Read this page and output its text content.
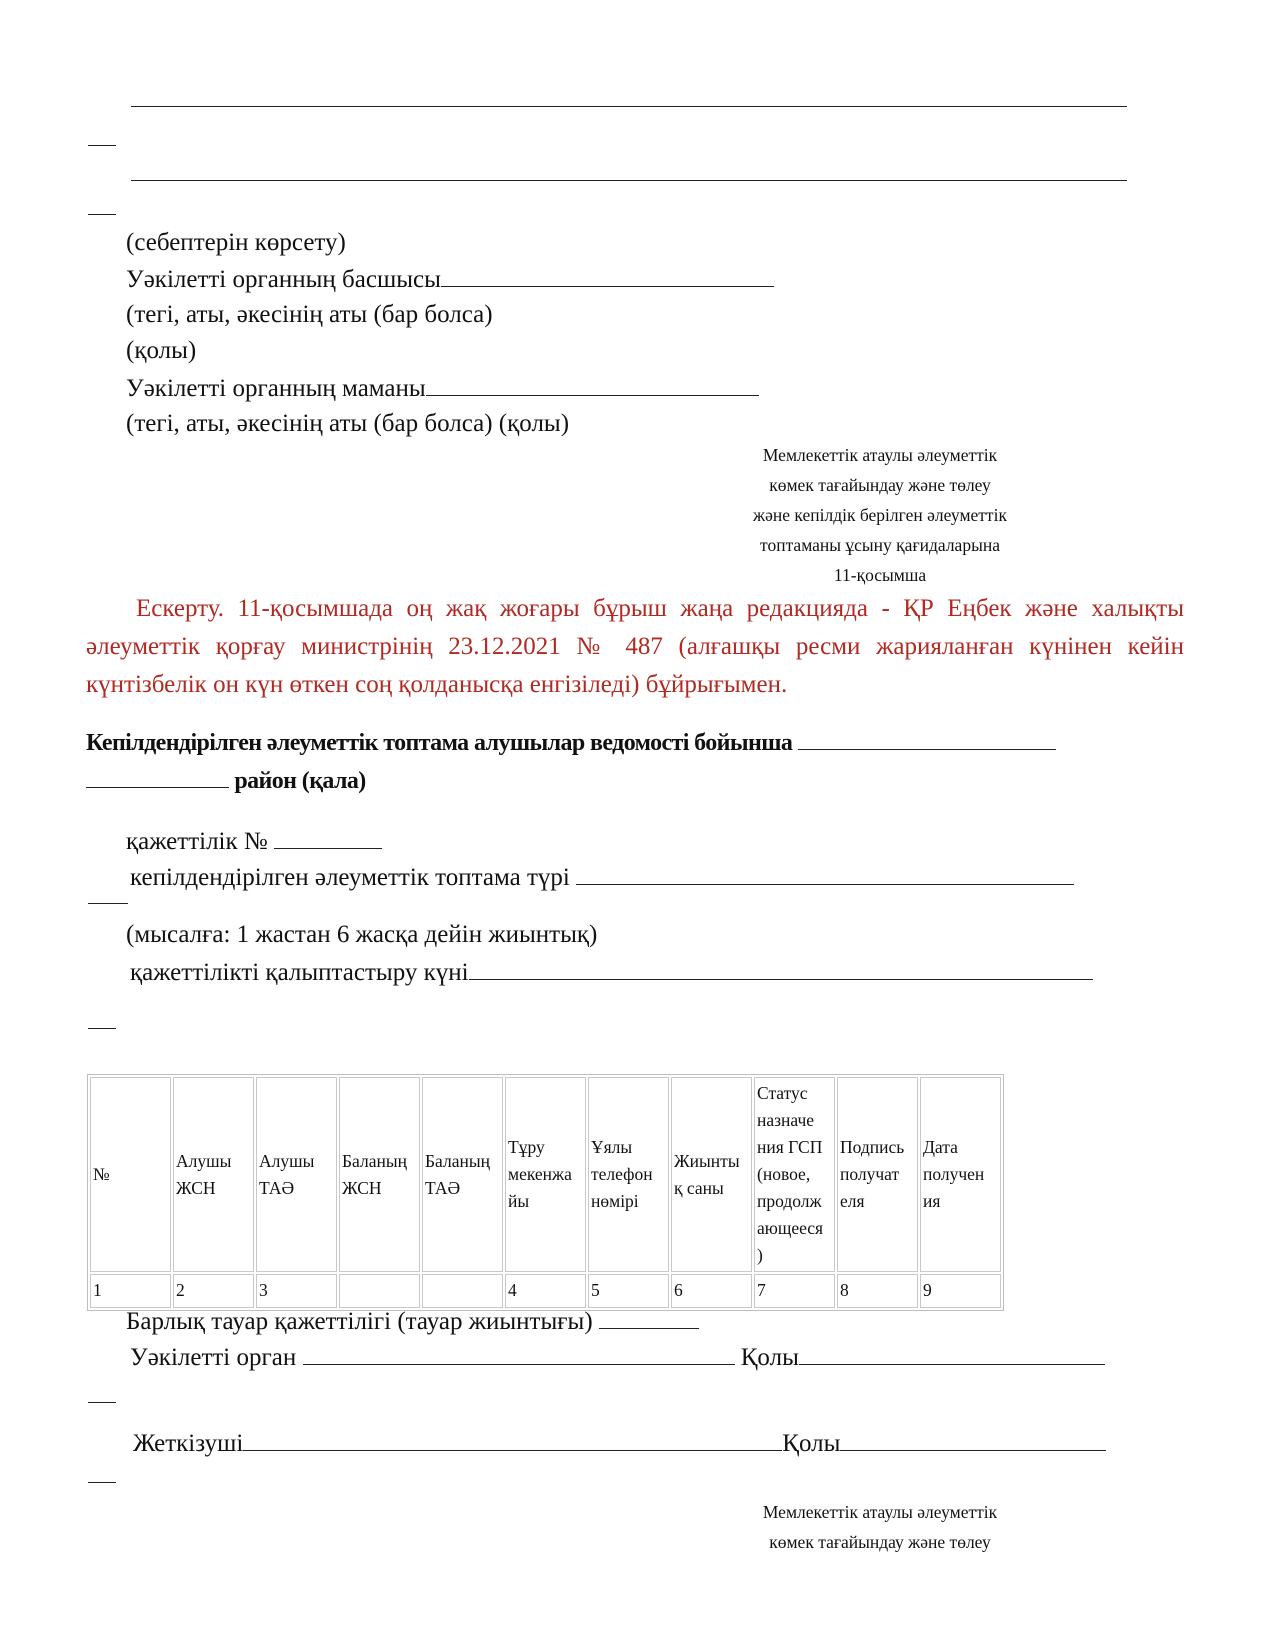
(себептерін көрсету)
Уәкілетті органның басшысы
(тегі, аты, әкесінің аты (бар болса)
(қолы)
Уәкілетті органның маманы
(тегі, аты, әкесінің аты (бар болса) (қолы)
Мемлекеттік атаулы әлеуметтік
көмек тағайындау және төлеу
және кепілдік берілген әлеуметтік
топтаманы ұсыну қағидаларына
11-қосымша

Ескерту. 11-қосымшада оң жақ жоғары бұрыш жаңа редакцияда - ҚР Еңбек және халықты әлеуметтік қорғау министрінің 23.12.2021 № 487 (алғашқы ресми жарияланған күнінен кейін күнтізбелік он күн өткен соң қолданысқа енгізіледі) бұйрығымен.

Кепілдендірілген әлеуметтік топтама алушылар ведомості бойынша
район (қала)
қажеттілік №
кепілдендірілген әлеуметтік топтама түрі
(мысалға: 1 жастан 6 жасқа дейін жиынтық)
қажеттілікті қалыптастыру күні
№	Алушы ЖСН	Алушы ТАӘ	Баланың ЖСН	Баланың ТАӘ	Тұру мекенжа йы	Ұялы телефон нөмірі	Жиынты қ саны	Статус назначе ния ГСП (новое, продолж ающееся )	Подпись получат еля	Дата получен ия
1	2	3			4	5	6	7	8	9
Барлық тауар қажеттілігі (тауар жиынтығы)
Уәкілетті орган	Қолы
Жеткізуші	Қолы
Мемлекеттік атаулы әлеуметтік
көмек тағайындау және төлеу
